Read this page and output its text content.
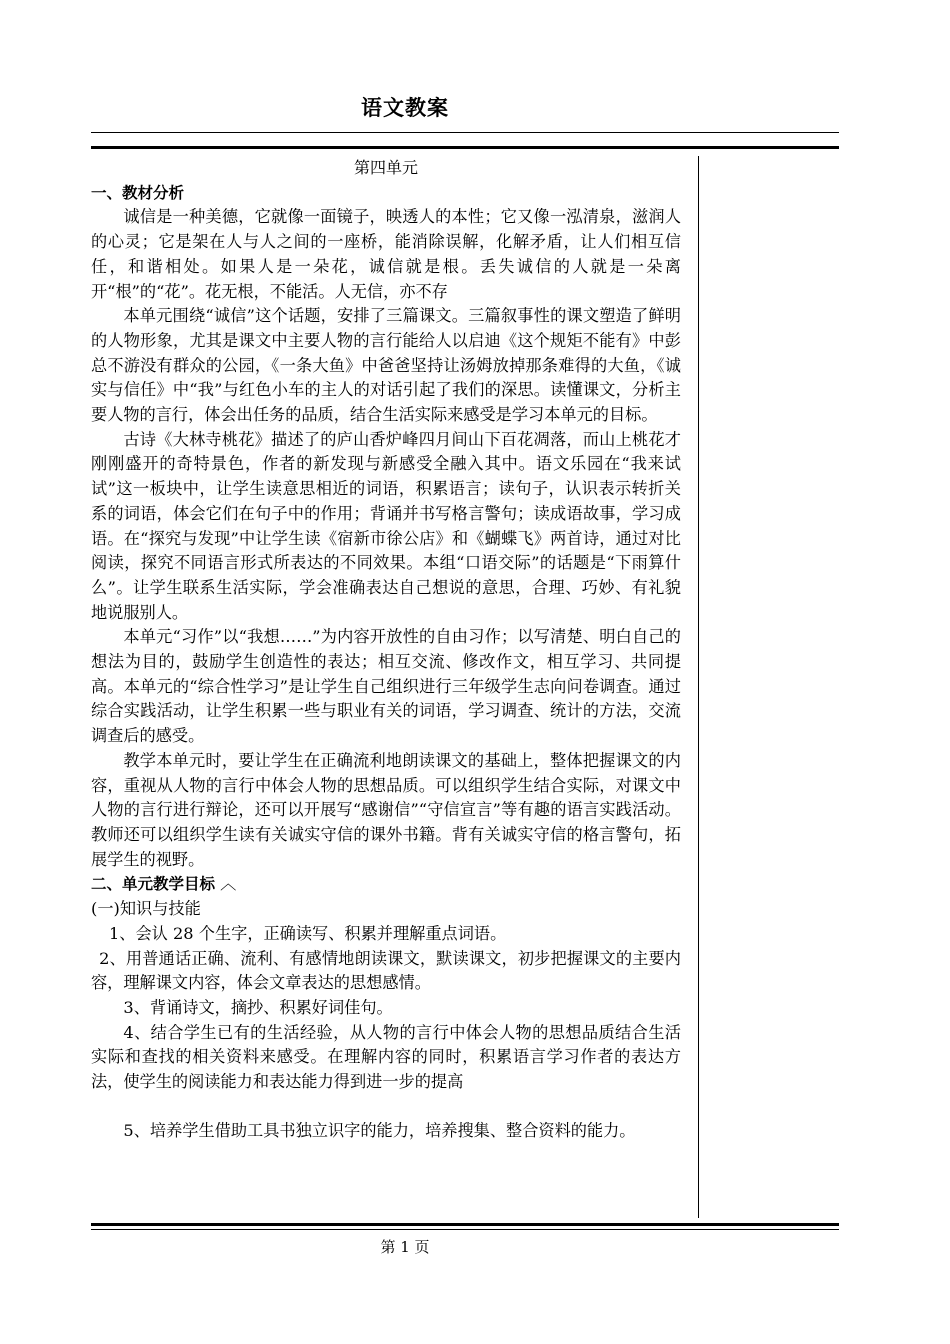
语文教案

第四单元

一、教材分析

诚信是一种美德，它就像一面镜子，映透人的本性；它又像一泓清泉，滋润人的心灵；它是架在人与人之间的一座桥，能消除误解，化解矛盾，让人们相互信任，和谐相处。如果人是一朵花，诚信就是根。丢失诚信的人就是一朵离开“根”的“花”。花无根，不能活。人无信，亦不存

本单元围绕“诚信”这个话题，安排了三篇课文。三篇叙事性的课文塑造了鲜明的人物形象，尤其是课文中主要人物的言行能给人以启迪《这个规矩不能有》中彭总不游没有群众的公园，《一条大鱼》中爸爸坚持让汤姆放掉那条难得的大鱼，《诚实与信任》中“我”与红色小车的主人的对话引起了我们的深思。读懂课文，分析主要人物的言行，体会出任务的品质，结合生活实际来感受是学习本单元的目标。

古诗《大林寺桃花》描述了的庐山香炉峰四月间山下百花凋落，而山上桃花才刚刚盛开的奇特景色，作者的新发现与新感受全融入其中。语文乐园在“我来试试”这一板块中，让学生读意思相近的词语，积累语言；读句子，认识表示转折关系的词语，体会它们在句子中的作用；背诵并书写格言警句；读成语故事，学习成语。在“探究与发现”中让学生读《宿新市徐公店》和《蝴蝶飞》两首诗，通过对比阅读，探究不同语言形式所表达的不同效果。本组“口语交际”的话题是“下雨算什么”。让学生联系生活实际，学会准确表达自己想说的意思，合理、巧妙、有礼貌地说服别人。

本单元“习作”以“我想……”为内容开放性的自由习作；以写清楚、明白自己的想法为目的，鼓励学生创造性的表达；相互交流、修改作文，相互学习、共同提高。本单元的“综合性学习”是让学生自己组织进行三年级学生志向问卷调查。通过综合实践活动，让学生积累一些与职业有关的词语，学习调查、统计的方法，交流调查后的感受。

教学本单元时，要让学生在正确流利地朗读课文的基础上，整体把握课文的内容，重视从人物的言行中体会人物的思想品质。可以组织学生结合实际，对课文中人物的言行进行辩论，还可以开展写“感谢信”“守信宣言”等有趣的语言实践活动。教师还可以组织学生读有关诚实守信的课外书籍。背有关诚实守信的格言警句，拓展学生的视野。

二、单元教学目标 ︿

(一)知识与技能

1、会认 28 个生字，正确读写、积累并理解重点词语。

2、用普通话正确、流利、有感情地朗读课文，默读课文，初步把握课文的主要内容，理解课文内容，体会文章表达的思想感情。

3、背诵诗文，摘抄、积累好词佳句。

4、结合学生已有的生活经验，从人物的言行中体会人物的思想品质结合生活实际和查找的相关资料来感受。在理解内容的同时，积累语言学习作者的表达方法，使学生的阅读能力和表达能力得到进一步的提高

5、培养学生借助工具书独立识字的能力，培养搜集、整合资料的能力。

第 1 页
